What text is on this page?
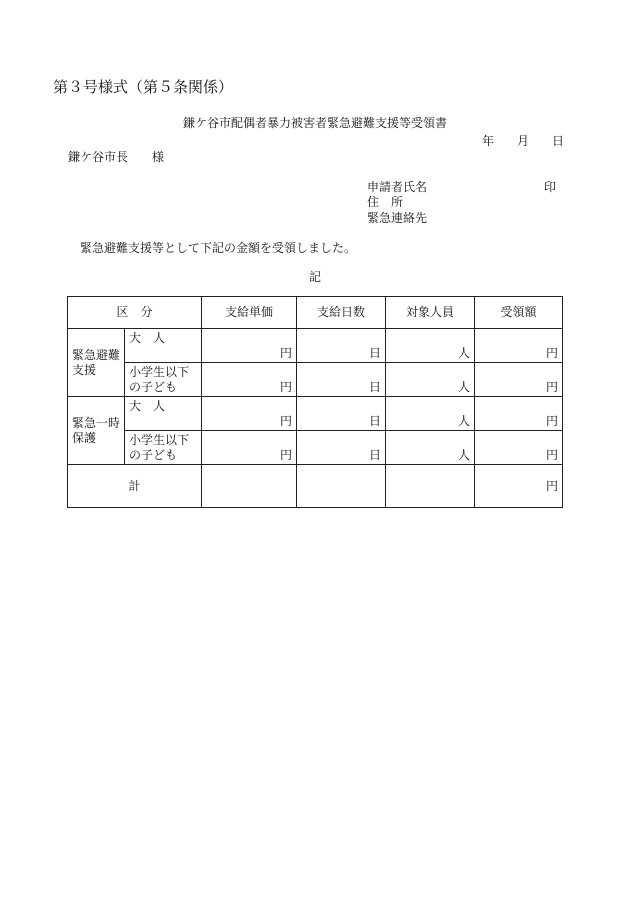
第３号様式（第５条関係）
鎌ケ谷市配偶者暴力被害者緊急避難支援等受領書
年 月 日
鎌ケ谷市長　　様
申請者氏名	印
住　所
緊急連絡先
緊急避難支援等として下記の金額を受領しました。
記
区　分		支給単価	支給日数	対象人員	受領額
緊急避難
支援	大　人	円	日	人	円
	小学生以下
の子ども	円	日	人	円
緊急一時
保護	大　人	円	日	人	円
	小学生以下
の子ども	円	日	人	円
計					円
